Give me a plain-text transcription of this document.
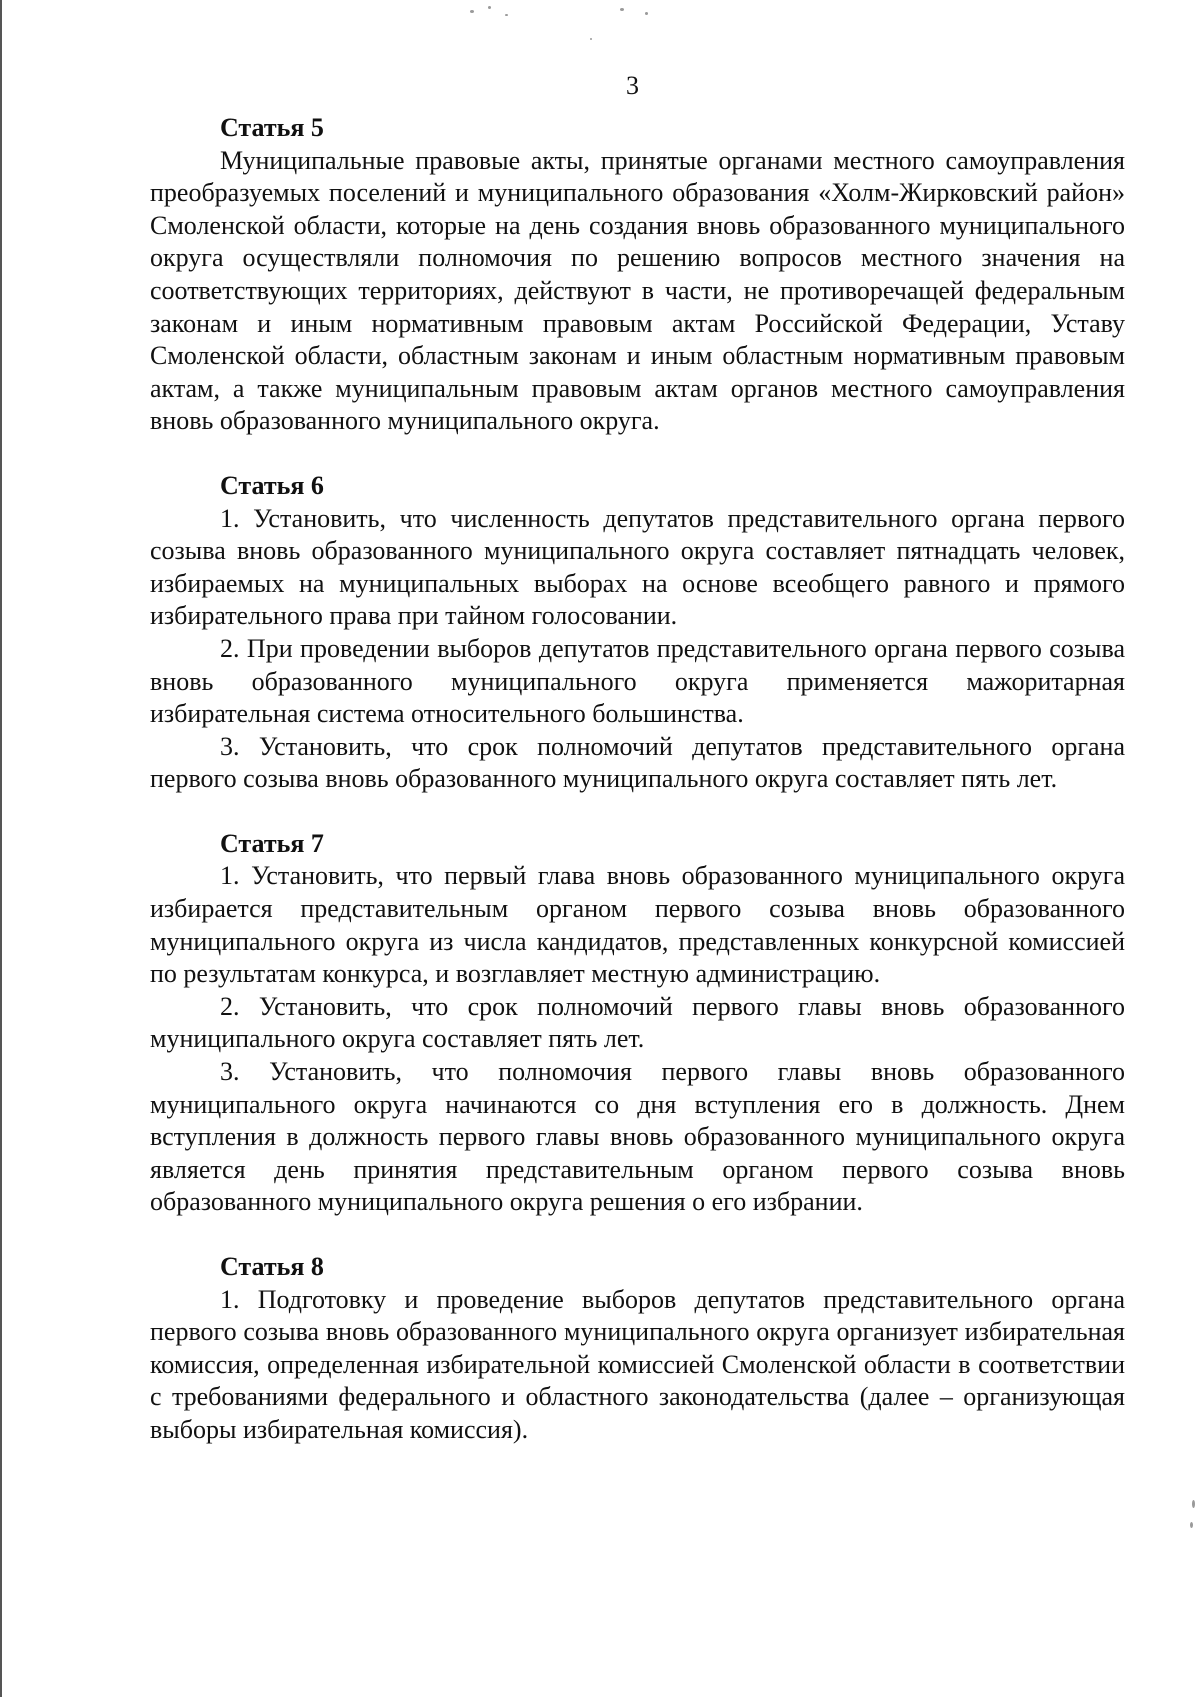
3

Статья 5

Муниципальные правовые акты, принятые органами местного самоуправления преобразуемых поселений и муниципального образования «Холм-Жирковский район» Смоленской области, которые на день создания вновь образованного муниципального округа осуществляли полномочия по решению вопросов местного значения на соответствующих территориях, действуют в части, не противоречащей федеральным законам и иным нормативным правовым актам Российской Федерации, Уставу Смоленской области, областным законам и иным областным нормативным правовым актам, а также муниципальным правовым актам органов местного самоуправления вновь образованного муниципального округа.

Статья 6

1. Установить, что численность депутатов представительного органа первого созыва вновь образованного муниципального округа составляет пятнадцать человек, избираемых на муниципальных выборах на основе всеобщего равного и прямого избирательного права при тайном голосовании.

2. При проведении выборов депутатов представительного органа первого созыва вновь образованного муниципального округа применяется мажоритарная избирательная система относительного большинства.

3. Установить, что срок полномочий депутатов представительного органа первого созыва вновь образованного муниципального округа составляет пять лет.

Статья 7

1. Установить, что первый глава вновь образованного муниципального округа избирается представительным органом первого созыва вновь образованного муниципального округа из числа кандидатов, представленных конкурсной комиссией по результатам конкурса, и возглавляет местную администрацию.

2. Установить, что срок полномочий первого главы вновь образованного муниципального округа составляет пять лет.

3. Установить, что полномочия первого главы вновь образованного муниципального округа начинаются со дня вступления его в должность. Днем вступления в должность первого главы вновь образованного муниципального округа является день принятия представительным органом первого созыва вновь образованного муниципального округа решения о его избрании.

Статья 8

1. Подготовку и проведение выборов депутатов представительного органа первого созыва вновь образованного муниципального округа организует избирательная комиссия, определенная избирательной комиссией Смоленской области в соответствии с требованиями федерального и областного законодательства (далее – организующая выборы избирательная комиссия).
